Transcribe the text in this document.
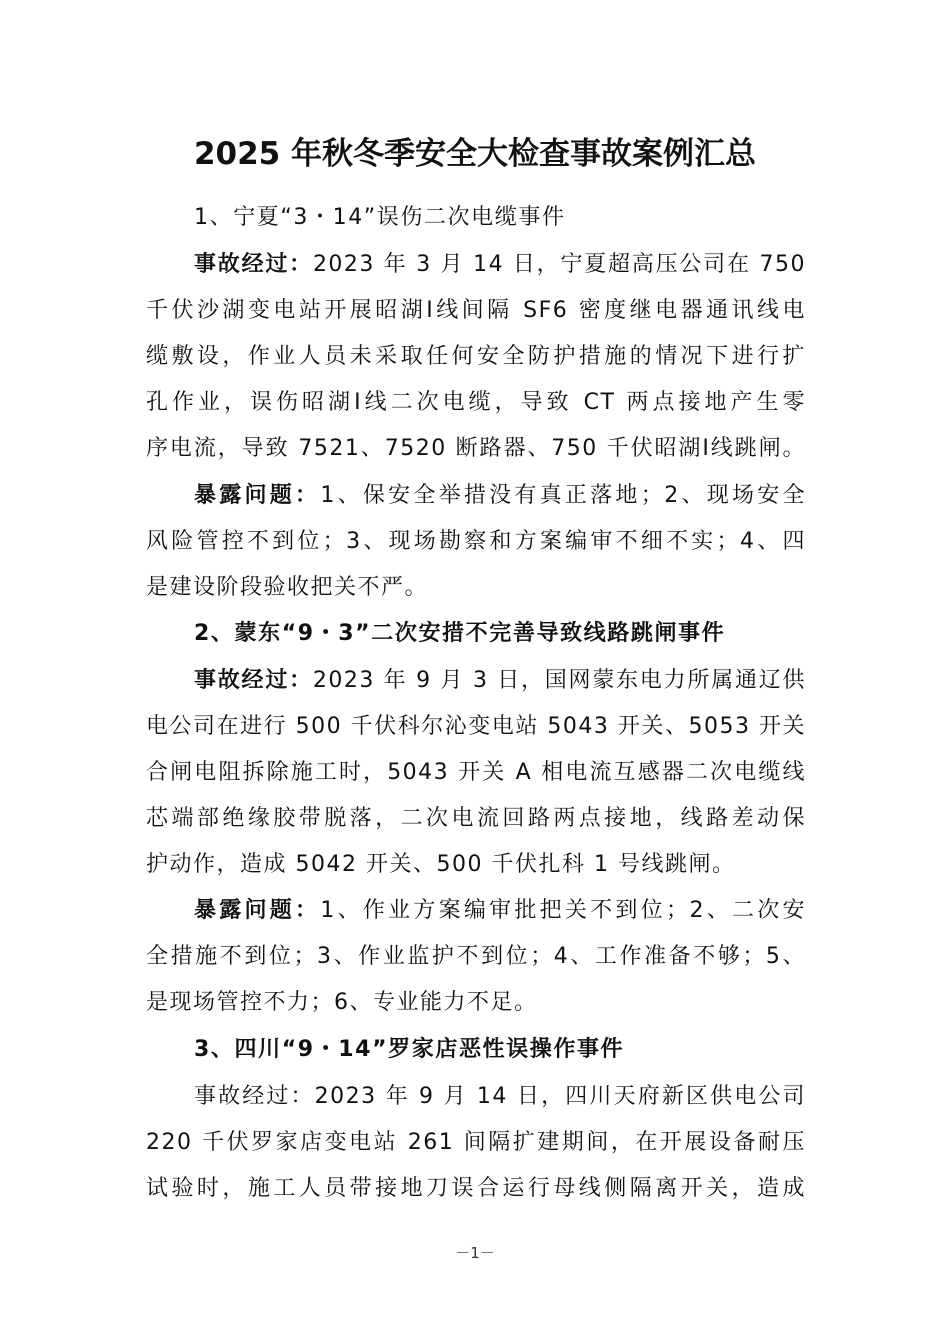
2025 年秋冬季安全大检查事故案例汇总
1、宁夏“3・14”误伤二次电缆事件
事故经过：2023 年 3 月 14 日，宁夏超高压公司在 750
千伏沙湖变电站开展昭湖Ⅰ线间隔 SF6 密度继电器通讯线电
缆敷设，作业人员未采取任何安全防护措施的情况下进行扩
孔作业，误伤昭湖Ⅰ线二次电缆，导致 CT 两点接地产生零
序电流，导致 7521、7520 断路器、750 千伏昭湖Ⅰ线跳闸。
暴露问题：1、保安全举措没有真正落地；2、现场安全
风险管控不到位；3、现场勘察和方案编审不细不实；4、四
是建设阶段验收把关不严。
2、蒙东“9・3”二次安措不完善导致线路跳闸事件
事故经过：2023 年 9 月 3 日，国网蒙东电力所属通辽供
电公司在进行 500 千伏科尔沁变电站 5043 开关、5053 开关
合闸电阻拆除施工时，5043 开关 A 相电流互感器二次电缆线
芯端部绝缘胶带脱落，二次电流回路两点接地，线路差动保
护动作，造成 5042 开关、500 千伏扎科 1 号线跳闸。
暴露问题：1、作业方案编审批把关不到位；2、二次安
全措施不到位；3、作业监护不到位；4、工作准备不够；5、
是现场管控不力；6、专业能力不足。
3、四川“9・14”罗家店恶性误操作事件
事故经过：2023 年 9 月 14 日，四川天府新区供电公司
220 千伏罗家店变电站 261 间隔扩建期间，在开展设备耐压
试验时，施工人员带接地刀误合运行母线侧隔离开关，造成
－1－
